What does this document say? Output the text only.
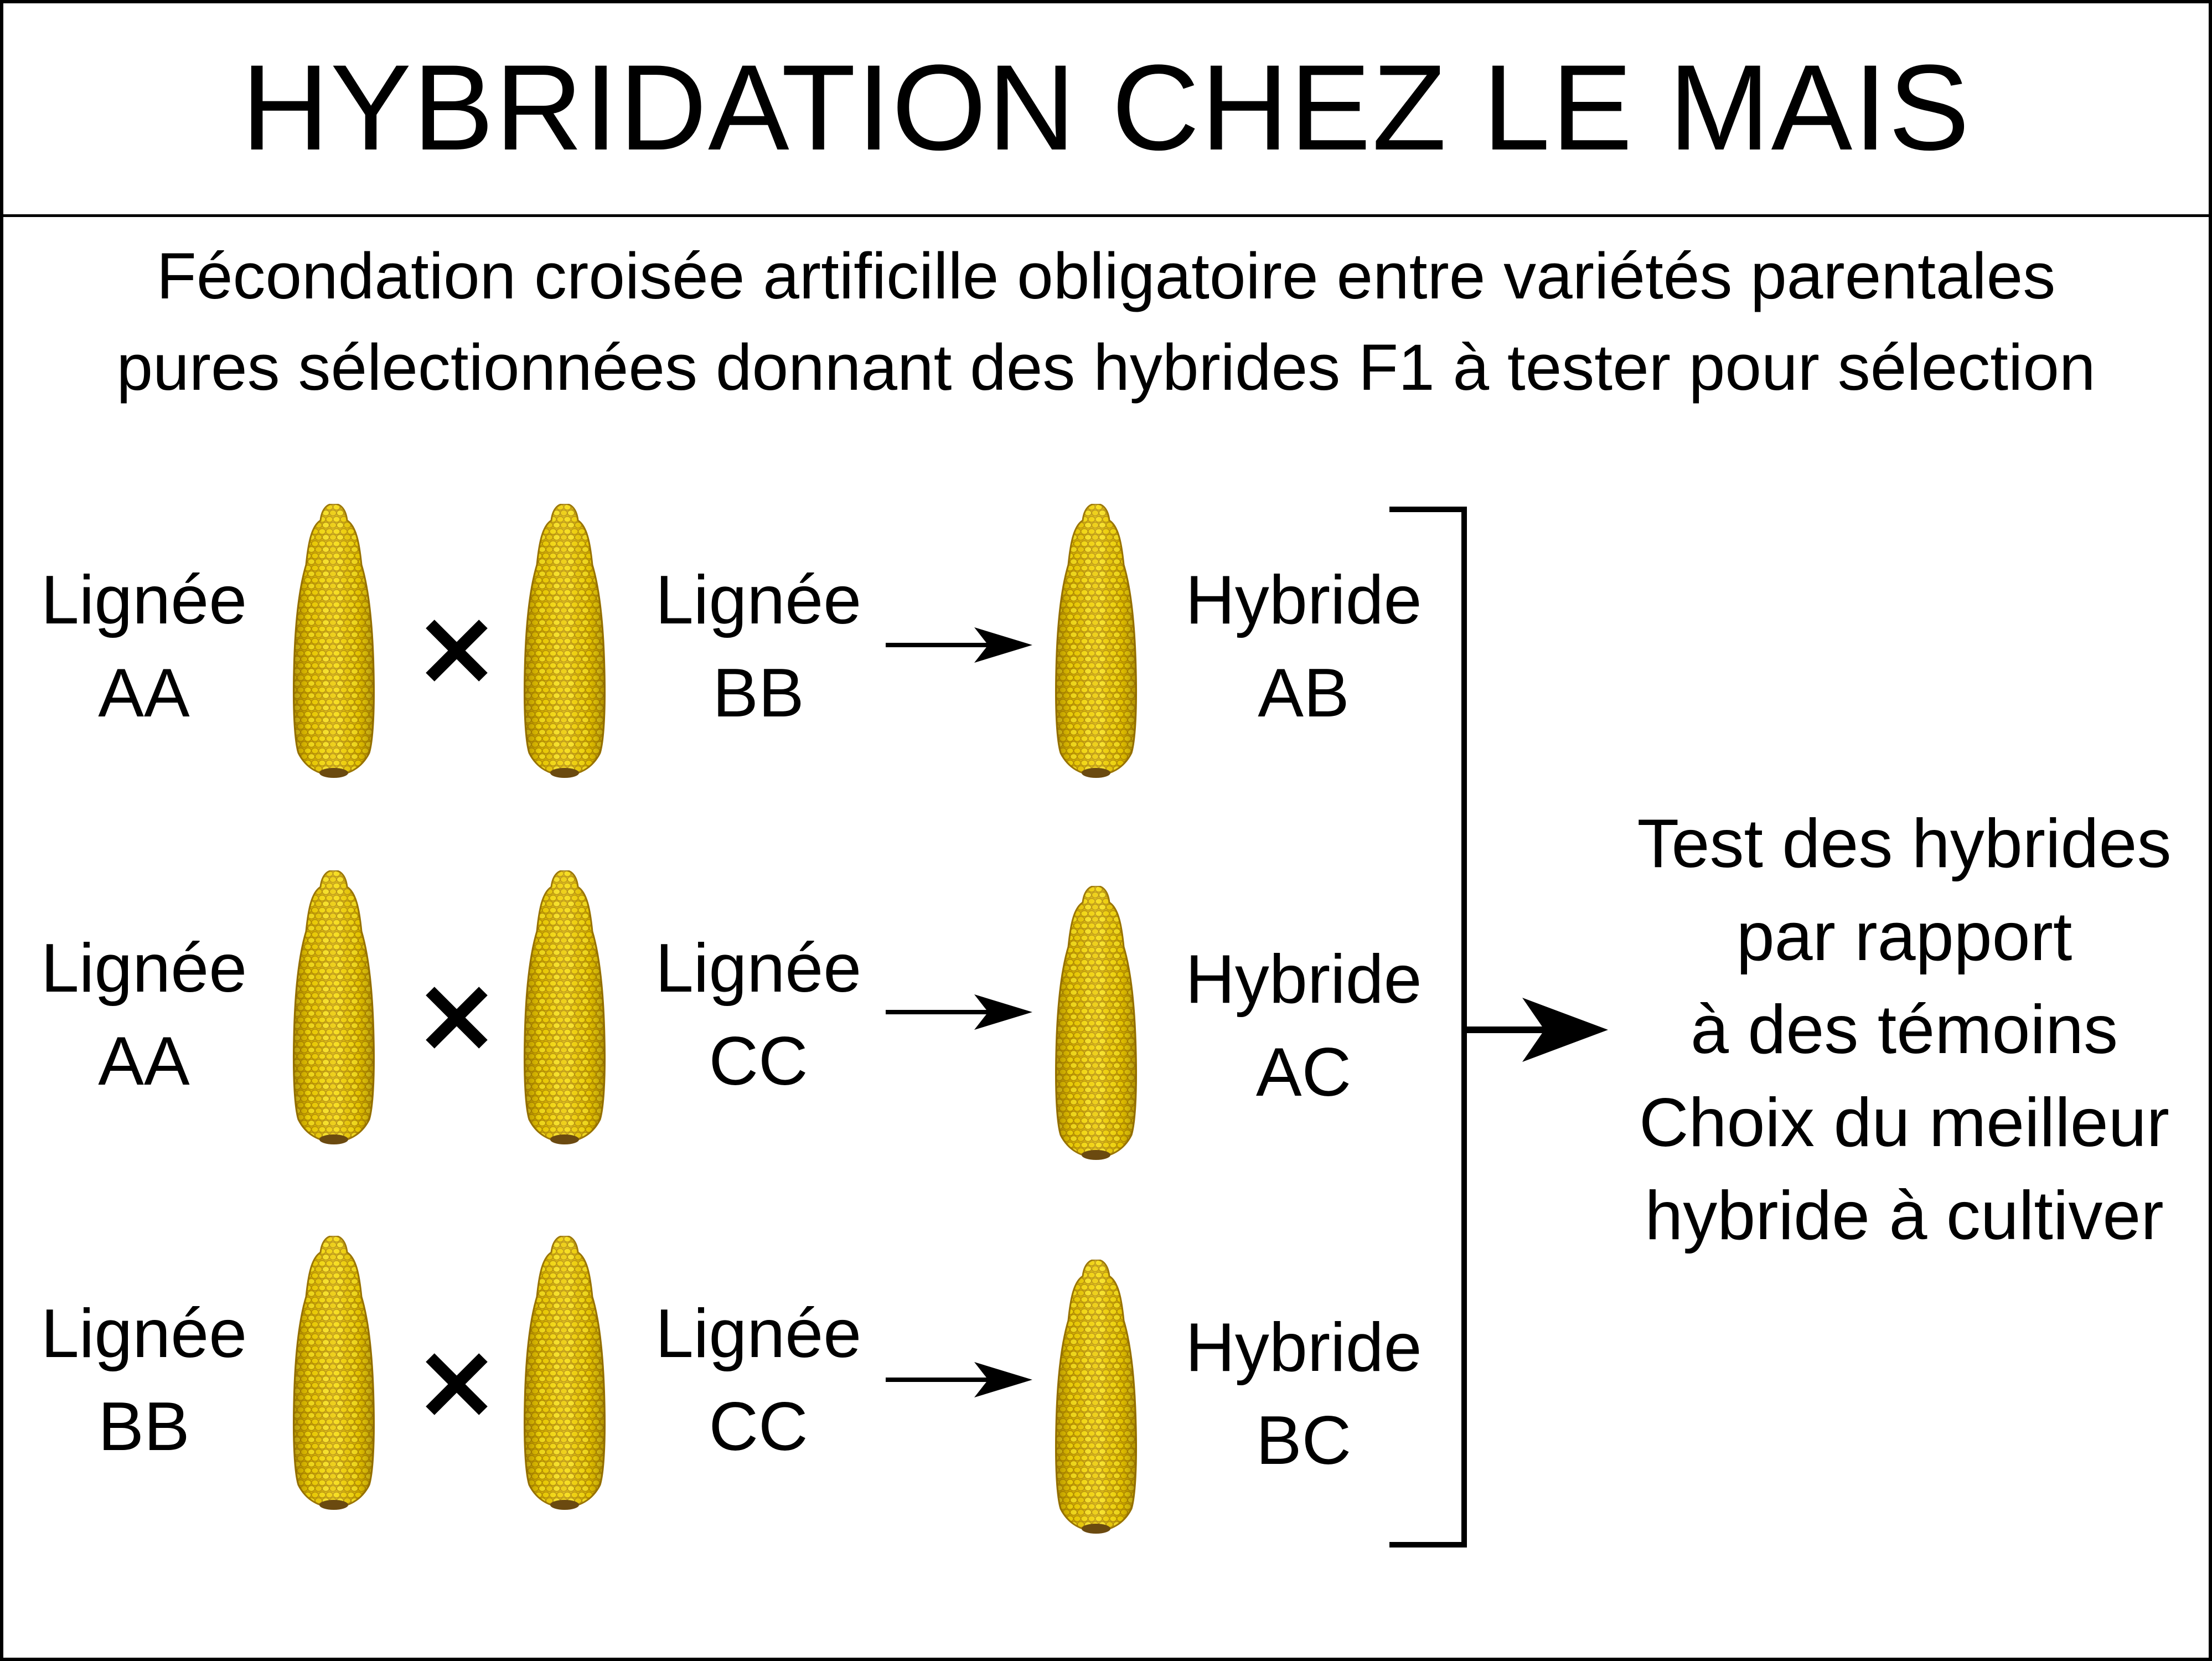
HYBRIDATION CHEZ LE MAIS
Fécondation croisée artificille obligatoire entre variétés parentales
pures sélectionnées donnant des hybrides F1 à tester pour sélection
Lignée
AA
Lignée
BB
Hybride
AB
Lignée
AA
Lignée
CC
Hybride
AC
Lignée
BB
Lignée
CC
Hybride
BC
Test des hybrides
par rapport
à des témoins
Choix du meilleur
hybride à cultiver
